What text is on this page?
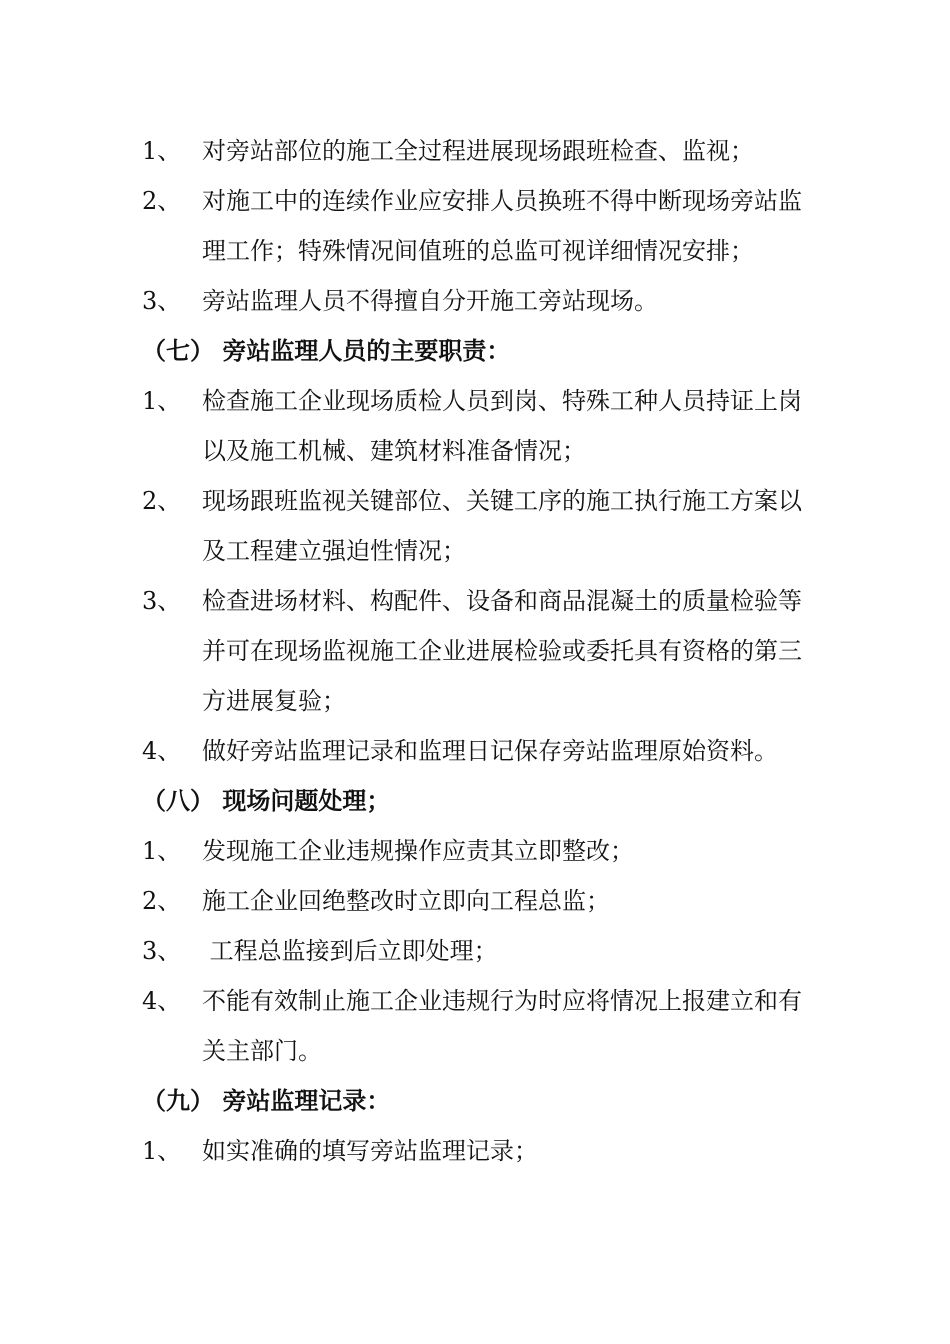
1、 对旁站部位的施工全过程进展现场跟班检查、监视；
2、 对施工中的连续作业应安排人员换班不得中断现场旁站监理工作；特殊情况间值班的总监可视详细情况安排；
3、 旁站监理人员不得擅自分开施工旁站现场。
（七） 旁站监理人员的主要职责：
1、 检查施工企业现场质检人员到岗、特殊工种人员持证上岗以及施工机械、建筑材料准备情况；
2、 现场跟班监视关键部位、关键工序的施工执行施工方案以及工程建立强迫性情况；
3、 检查进场材料、构配件、设备和商品混凝土的质量检验等并可在现场监视施工企业进展检验或委托具有资格的第三方进展复验；
4、 做好旁站监理记录和监理日记保存旁站监理原始资料。
（八） 现场问题处理；
1、 发现施工企业违规操作应责其立即整改；
2、 施工企业回绝整改时立即向工程总监；
3、 工程总监接到后立即处理；
4、 不能有效制止施工企业违规行为时应将情况上报建立和有关主部门。
（九） 旁站监理记录：
1、 如实准确的填写旁站监理记录；
